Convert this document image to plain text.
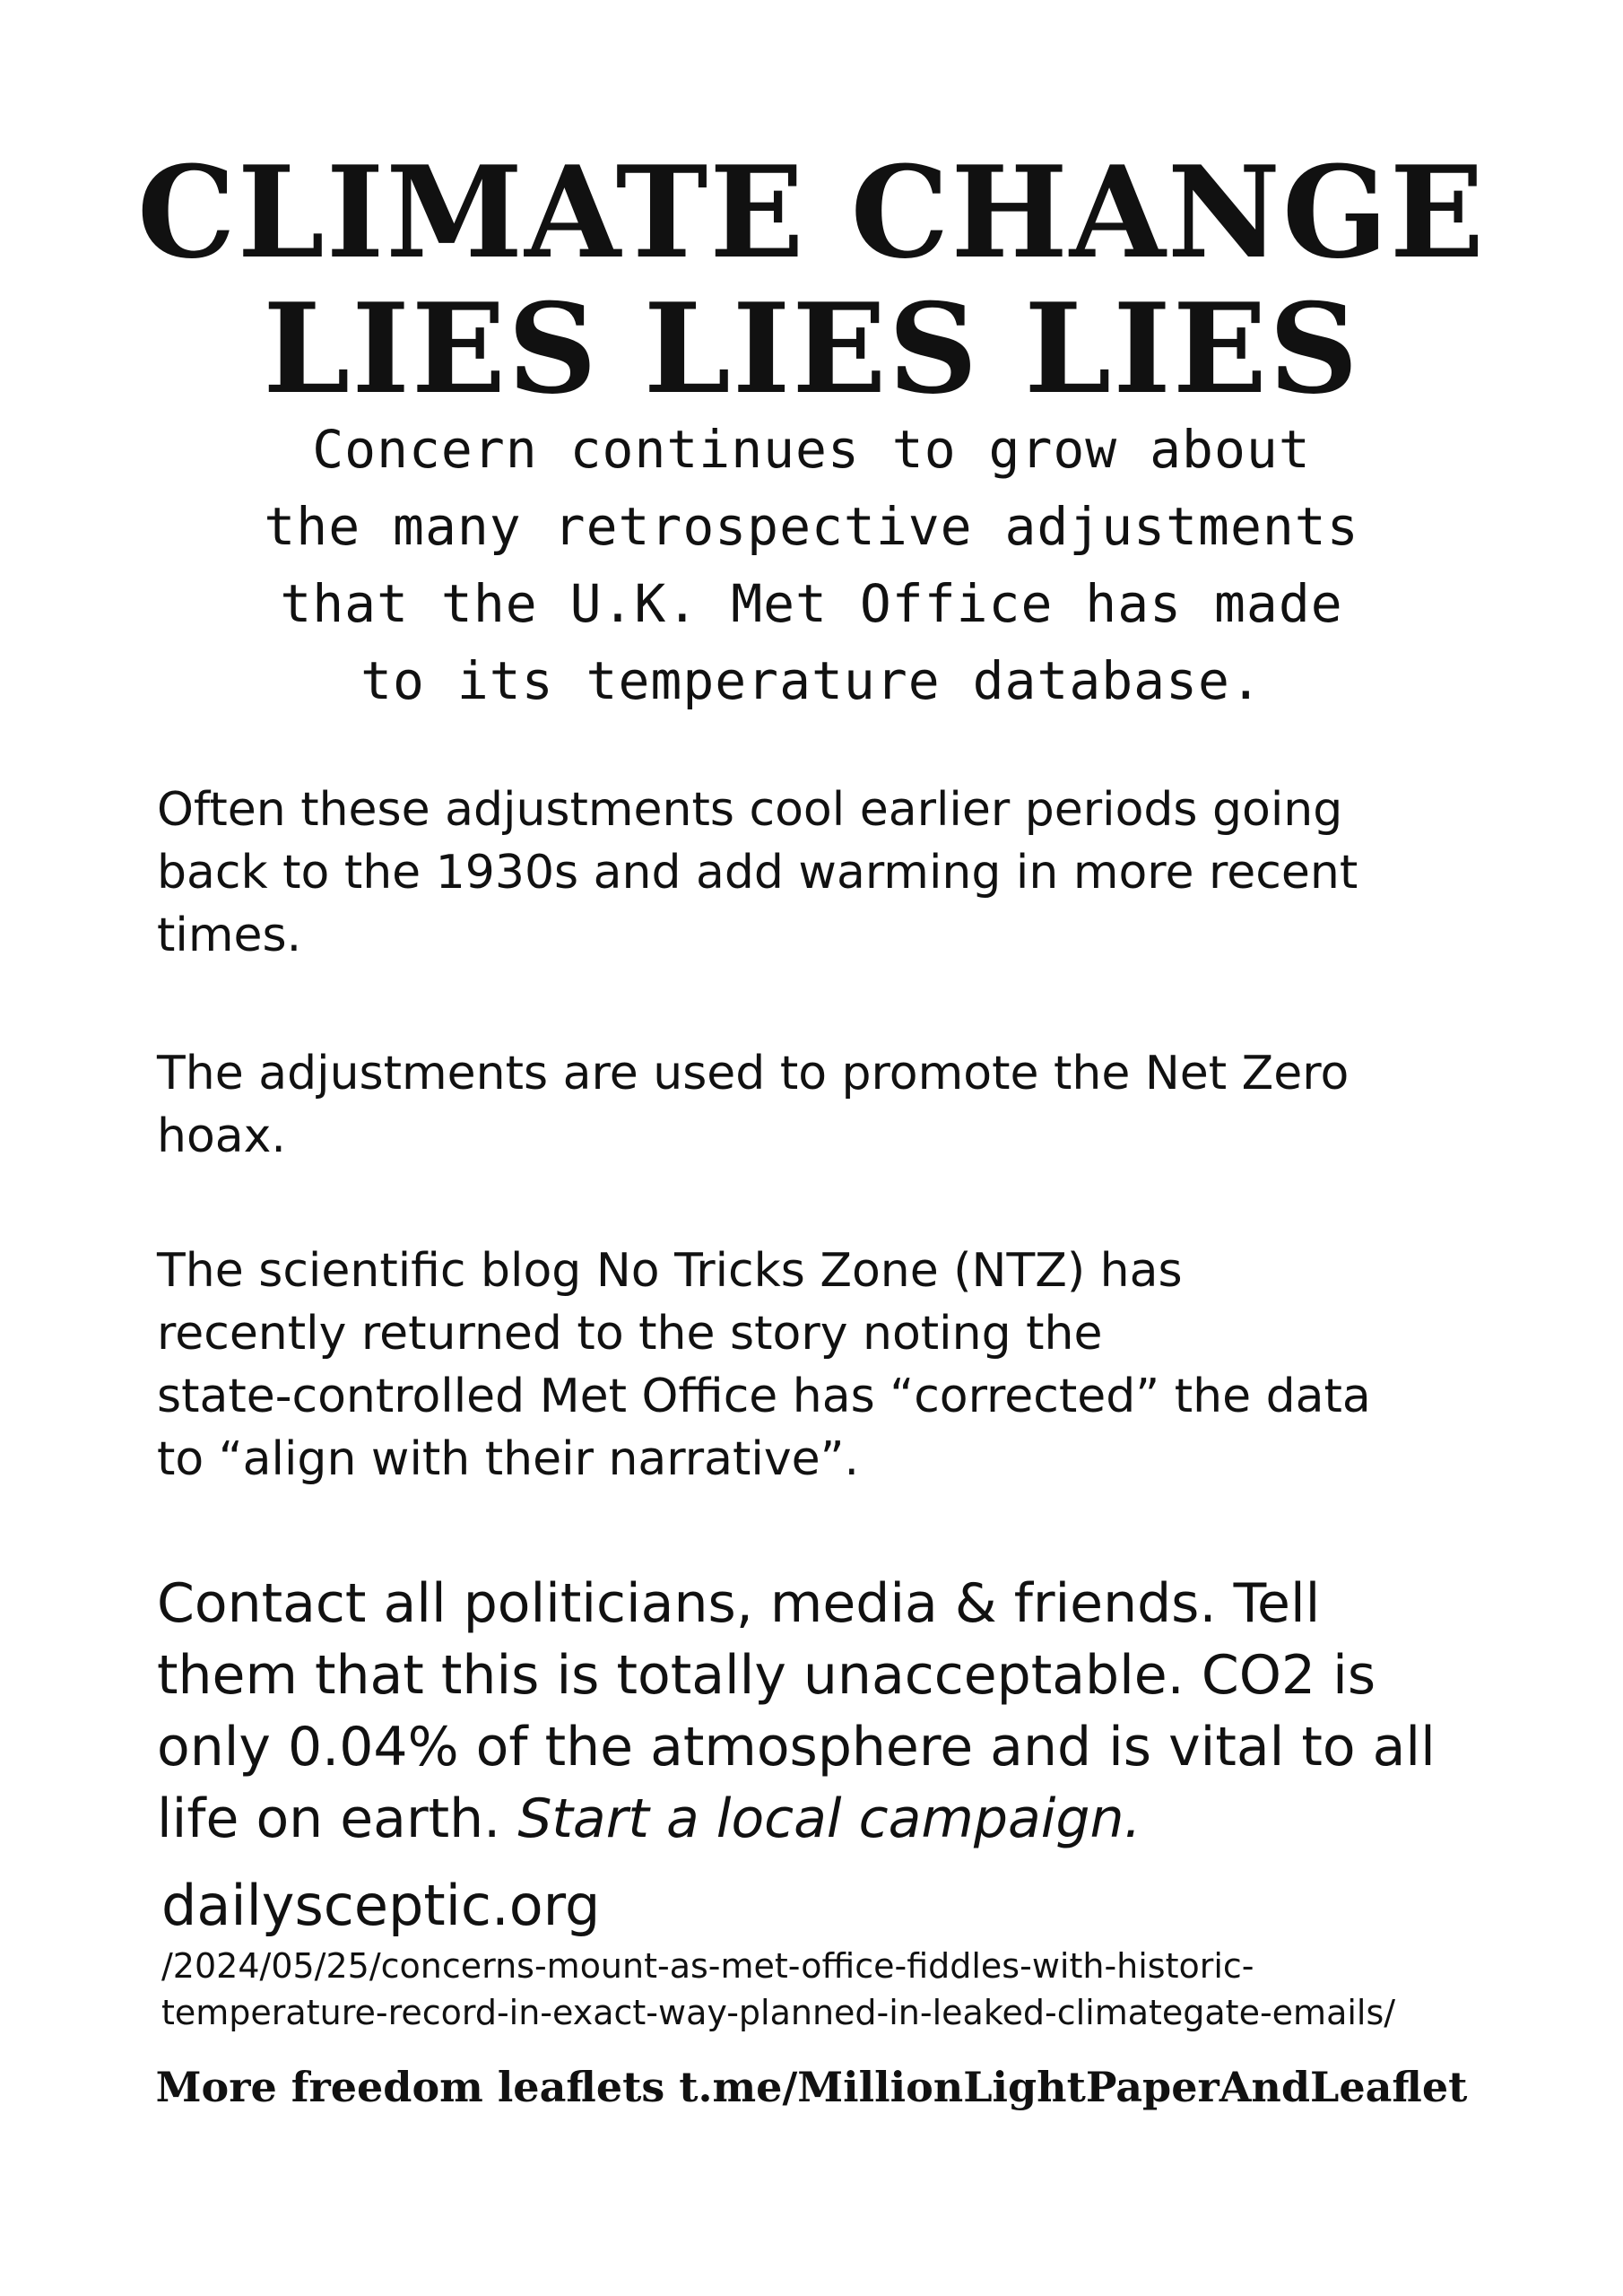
CLIMATE CHANGE
LIES LIES LIES
Concern continues to grow about
the many retrospective adjustments
that the U.K. Met Office has made
to its temperature database.
Often these adjustments cool earlier periods going
back to the 1930s and add warming in more recent
times.
The adjustments are used to promote the Net Zero
hoax.
The scientific blog No Tricks Zone (NTZ) has
recently returned to the story noting the
state-controlled Met Office has “corrected” the data
to “align with their narrative”.
Contact all politicians, media & friends. Tell
them that this is totally unacceptable. CO2 is
only 0.04% of the atmosphere and is vital to all
life on earth. Start a local campaign.
dailysceptic.org
/2024/05/25/concerns-mount-as-met-office-fiddles-with-historic-
temperature-record-in-exact-way-planned-in-leaked-climategate-emails/
More freedom leaflets t.me/MillionLightPaperAndLeaflet
